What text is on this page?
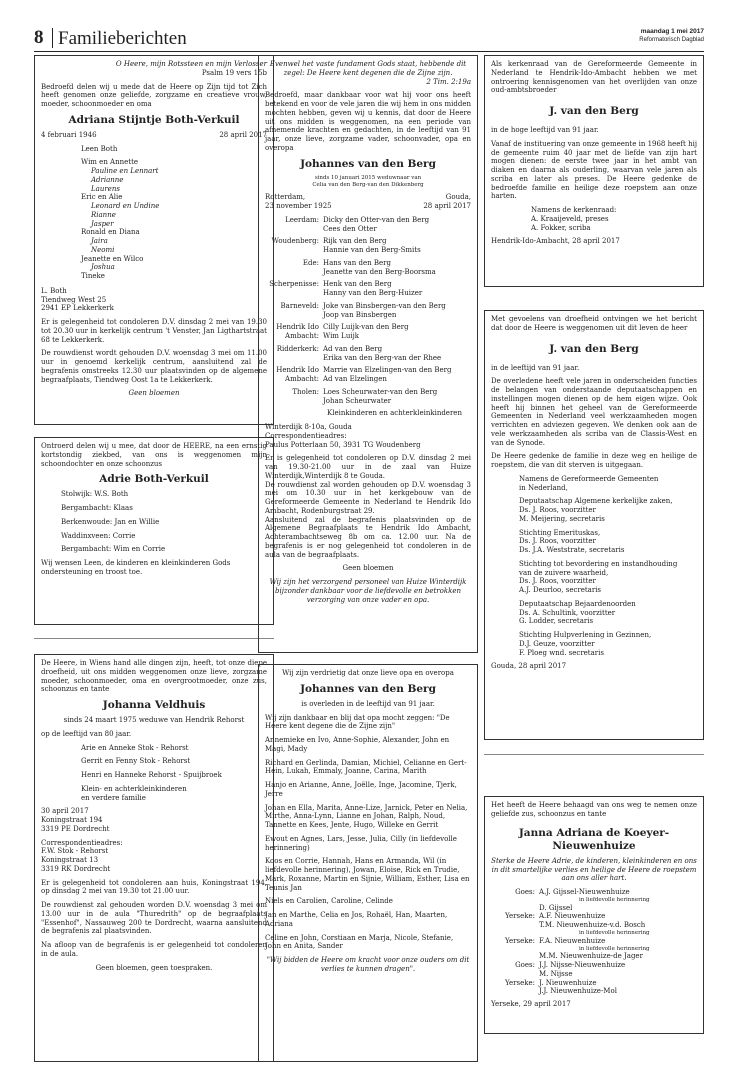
8 Familieberichten	maandag 1 mei 2017
Reformatorisch Dagblad
O Heere, mijn Rotssteen en mijn Verlosser
Psalm 19 vers 15b
Bedroefd delen wij u mede dat de Heere op Zijn tijd tot Zich heeft genomen onze geliefde, zorgzame en creatieve vrouw, moeder, schoonmoeder en oma
Adriana Stijntje Both-Verkuil
4 februari 1946	28 april 2017
Leen Both
Wim en Annette
Pauline en Lennart
Adrianne
Laurens
Eric en Alie
Leonard en Undine
Rianne
Jasper
Ronald en Diana
Jaira
Neomi
Jeanette en Wilco
Joshua
Tineke
L. Both
Tiendweg West 25
2941 EP Lekkerkerk
Er is gelegenheid tot condoleren D.V. dinsdag 2 mei van 19.30 tot 20.30 uur in kerkelijk centrum 't Venster, Jan Ligthartstraat 68 te Lekkerkerk.
De rouwdienst wordt gehouden D.V. woensdag 3 mei om 11.00 uur in genoemd kerkelijk centrum, aansluitend zal de begrafenis omstreeks 12.30 uur plaatsvinden op de algemene begraafplaats, Tiendweg Oost 1a te Lekkerkerk.
Geen bloemen
Ontroerd delen wij u mee, dat door de HEERE, na een ernstig kortstondig ziekbed, van ons is weggenomen mijn schoondochter en onze schoonzus
Adrie Both-Verkuil
Stolwijk: W.S. Both
Bergambacht: Klaas
Berkenwoude: Jan en Willie
Waddinxveen: Corrie
Bergambacht: Wim en Corrie
Wij wensen Leen, de kinderen en kleinkinderen Gods ondersteuning en troost toe.
De Heere, in Wiens hand alle dingen zijn, heeft, tot onze diepe droefheid, uit ons midden weggenomen onze lieve, zorgzame moeder, schoonmoeder, oma en overgrootmoeder, onze zus, schoonzus en tante
Johanna Veldhuis
sinds 24 maart 1975 weduwe van Hendrik Rehorst
op de leeftijd van 80 jaar.
Arie en Anneke Stok - Rehorst
Gerrit en Fenny Stok - Rehorst
Henri en Hanneke Rehorst - Spuijbroek
Klein- en achterkleinkinderen
en verdere familie
30 april 2017
Koningstraat 194
3319 PE Dordrecht
Correspondentieadres:
F.W. Stok - Rehorst
Koningstraat 13
3319 RK Dordrecht
Er is gelegenheid tot condoleren aan huis, Koningstraat 194, op dinsdag 2 mei van 19.30 tot 21.00 uur.
De rouwdienst zal gehouden worden D.V. woensdag 3 mei om 13.00 uur in de aula "Thuredrith" op de begraafplaats "Essenhof", Nassauweg 200 te Dordrecht, waarna aansluitend de begrafenis zal plaatsvinden.
Na afloop van de begrafenis is er gelegenheid tot condoleren in de aula.
Geen bloemen, geen toespraken.
Evenwel het vaste fundament Gods staat, hebbende dit zegel: De Heere kent degenen die de Zijne zijn.
2 Tim. 2:19a
Bedroefd, maar dankbaar voor wat hij voor ons heeft betekend en voor de vele jaren die wij hem in ons midden mochten hebben, geven wij u kennis, dat door de Heere uit ons midden is weggenomen, na een periode van afnemende krachten en gedachten, in de leeftijd van 91 jaar, onze lieve, zorgzame vader, schoonvader, opa en overopa
Johannes van den Berg
sinds 10 januari 2015 weduwnaar van
Celia van den Berg-van den Dikkenberg
Rotterdam,	Gouda,
23 november 1925	28 april 2017
Leerdam: Dicky den Otter-van den Berg
Cees den Otter
Woudenberg: Rijk van den Berg
Hannie van den Berg-Smits
Ede: Hans van den Berg
Jeanette van den Berg-Boorsma
Scherpenisse: Henk van den Berg
Hanny van den Berg-Huizer
Barneveld: Joke van Binsbergen-van den Berg
Joop van Binsbergen
Hendrik Ido Ambacht:
Cilly Luijk-van den Berg
Wim Luijk
Ridderkerk: Ad van den Berg
Erika van den Berg-van der Rhee
Hendrik Ido Ambacht:
Marrie van Elzelingen-van den Berg
Ad van Elzelingen
Tholen: Loes Scheurwater-van den Berg
Johan Scheurwater
Kleinkinderen en achterkleinkinderen
Winterdijk 8-10a, Gouda
Correspondentieadres:
Paulus Potterlaan 50, 3931 TG Woudenberg
Er is gelegenheid tot condoleren op D.V. dinsdag 2 mei van 19.30-21.00 uur in de zaal van Huize Winterdijk,Winterdijk 8 te Gouda.
De rouwdienst zal worden gehouden op D.V. woensdag 3 mei om 10.30 uur in het kerkgebouw van de Gereformeerde Gemeente in Nederland te Hendrik Ido Ambacht, Rodenburgstraat 29.
Aansluitend zal de begrafenis plaatsvinden op de Algemene Begraafplaats te Hendrik Ido Ambacht, Achterambachtseweg 8b om ca. 12.00 uur. Na de begrafenis is er nog gelegenheid tot condoleren in de aula van de begraafplaats.
Geen bloemen
Wij zijn het verzorgend personeel van Huize Winterdijk bijzonder dankbaar voor de liefdevolle en betrokken verzorging van onze vader en opa.
Wij zijn verdrietig dat onze lieve opa en overopa
Johannes van den Berg
is overleden in de leeftijd van 91 jaar.
Wij zijn dankbaar en blij dat opa mocht zeggen: "De Heere kent degene die de Zijne zijn"
Annemieke en Ivo, Anne-Sophie, Alexander, John en Magi, Mady
Richard en Gerlinda, Damian, Michiel, Celianne en Gert-Hein, Lukah, Emmaly, Joanne, Carina, Marith
Hanjo en Arianne, Anne, Joëlle, Inge, Jacomine, Tjerk, Jerre
Johan en Ella, Marita, Anne-Lize, Jarnick, Peter en Nelia, Mirthe, Anna-Lynn, Lianne en Johan, Ralph, Noud, Tannette en Kees, Jente, Hugo, Willeke en Gerrit
Ewout en Agnes, Lars, Jesse, Julia, Cilly (in liefdevolle herinnering)
Koos en Corrie, Hannah, Hans en Armanda, Wil (in liefdevolle herinnering), Jowan, Eloise, Rick en Trudie, Mark, Roxanne, Martin en Sijnie, William, Esther, Lisa en Teunis Jan
Niels en Carolien, Caroline, Celinde
Jan en Marthe, Celia en Jos, Rohaël, Han, Maarten, Adriana
Celine en John, Corstiaan en Marja, Nicole, Stefanie, John en Anita, Sander
"Wij bidden de Heere om kracht voor onze ouders om dit verlies te kunnen dragen".
Als kerkenraad van de Gereformeerde Gemeente in Nederland te Hendrik-Ido-Ambacht hebben we met ontroering kennisgenomen van het overlijden van onze oud-ambtsbroeder
J. van den Berg
in de hoge leeftijd van 91 jaar.
Vanaf de instituering van onze gemeente in 1968 heeft hij de gemeente ruim 40 jaar met de liefde van zijn hart mogen dienen: de eerste twee jaar in het ambt van diaken en daarna als ouderling, waarvan vele jaren als scriba en later als preses. De Heere gedenke de bedroefde familie en heilige deze roepstem aan onze harten.
Namens de kerkenraad:
A. Kraaijeveld, preses
A. Fokker, scriba
Hendrik-Ido-Ambacht, 28 april 2017
Met gevoelens van droefheid ontvingen we het bericht dat door de Heere is weggenomen uit dit leven de heer
J. van den Berg
in de leeftijd van 91 jaar.
De overledene heeft vele jaren in onderscheiden functies de belangen van onderstaande deputaatschappen en instellingen mogen dienen op de hem eigen wijze. Ook heeft hij binnen het geheel van de Gereformeerde Gemeenten in Nederland veel werkzaamheden mogen verrichten en adviezen gegeven. We denken ook aan de vele werkzaamheden als scriba van de Classis-West en van de Synode.
De Heere gedenke de familie in deze weg en heilige de roepstem, die van dit sterven is uitgegaan.
Namens de Gereformeerde Gemeenten
in Nederland,
Deputaatschap Algemene kerkelijke zaken,
Ds. J. Roos, voorzitter
M. Meijering, secretaris
Stichting Emerituskas,
Ds. J. Roos, voorzitter
Ds. J.A. Weststrate, secretaris
Stichting tot bevordering en instandhouding
van de zuivere waarheid,
Ds. J. Roos, voorzitter
A.J. Deurloo, secretaris
Deputaatschap Bejaardenoorden
Ds. A. Schultink, voorzitter
G. Lodder, secretaris
Stichting Hulpverlening in Gezinnen,
D.J. Geuze, voorzitter
F. Ploeg wnd. secretaris
Gouda, 28 april 2017
Het heeft de Heere behaagd van ons weg te nemen onze geliefde zus, schoonzus en tante
Janna Adriana de Koeyer-Nieuwenhuize
Sterke de Heere Adrie, de kinderen, kleinkinderen en ons in dit smartelijke verlies en heilige de Heere de roepstem aan ons aller hart.
Goes: A.J. Gijssel-Nieuwenhuize
in liefdevolle herinnering
D. Gijssel
Yerseke: A.F. Nieuwenhuize
T.M. Nieuwenhuize-v.d. Bosch
in liefdevolle herinnering
Yerseke: F.A. Nieuwenhuize
in liefdevolle herinnering
M.M. Nieuwenhuize-de Jager
Goes: J.J. Nijsse-Nieuwenhuize
M. Nijsse
Yerseke: J. Nieuwenhuize
J.J. Nieuwenhuize-Mol
Yerseke, 29 april 2017
